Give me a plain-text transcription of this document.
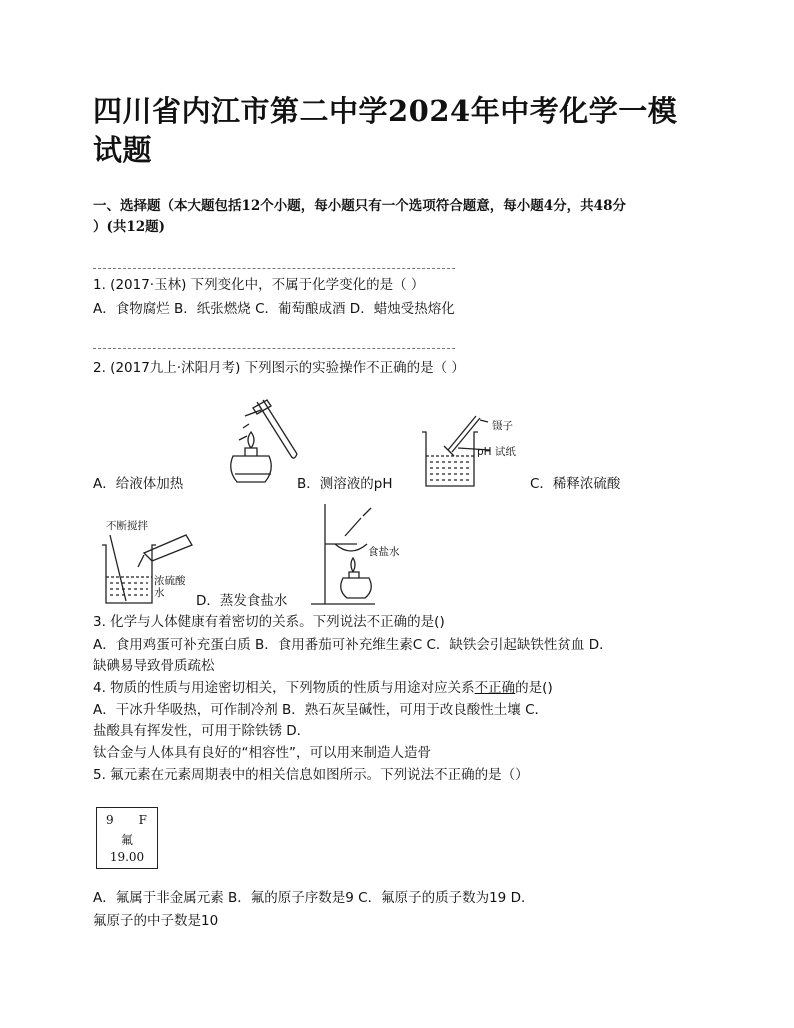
四川省内江市第二中学2024年中考化学一模
试题

一、选择题（本大题包括12个小题，每小题只有一个选项符合题意，每小题4分，共48分
）(共12题)

1. (2017·玉林) 下列变化中，不属于化学变化的是（ ）
A．食物腐烂 B．纸张燃烧 C．葡萄酿成酒 D．蜡烛受热熔化
2. (2017九上·沭阳月考) 下列图示的实验操作不正确的是（ ）
A．给液体加热
镊子
pH 试纸
B．测溶液的pH	C．稀释浓硫酸
不断搅拌
浓硫酸
水
食盐水
D．蒸发食盐水
3. 化学与人体健康有着密切的关系。下列说法不正确的是()
A．食用鸡蛋可补充蛋白质 B．食用番茄可补充维生素C C．缺铁会引起缺铁性贫血 D．
缺碘易导致骨质疏松
4. 物质的性质与用途密切相关，下列物质的性质与用途对应关系不正确的是()
A．干冰升华吸热，可作制冷剂 B．熟石灰呈碱性，可用于改良酸性土壤 C．
盐酸具有挥发性，可用于除铁锈 D．
钛合金与人体具有良好的“相容性”，可以用来制造人造骨
5. 氟元素在元素周期表中的相关信息如图所示。下列说法不正确的是（）
9 F
氟
19.00
A．氟属于非金属元素 B．氟的原子序数是9 C．氟原子的质子数为19 D．
氟原子的中子数是10
